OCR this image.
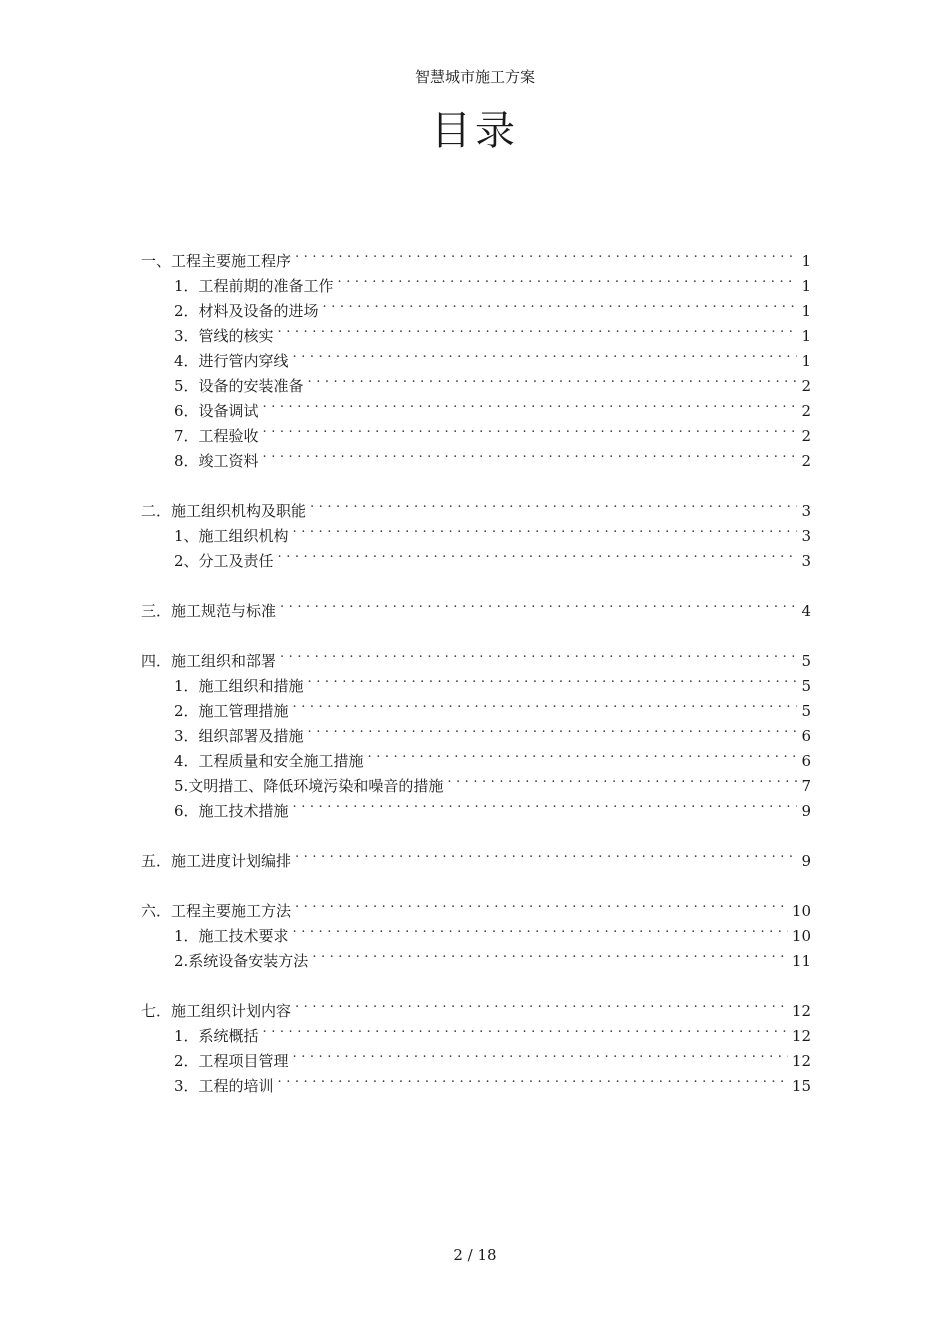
智慧城市施工方案
目录
一、工程主要施工程序 . . .	1
1．工程前期的准备工作 . . .	1
2．材料及设备的进场 . . .	1
3．管线的核实 . . .	1
4．进行管内穿线 . . .	1
5．设备的安装准备 . . .	2
6．设备调试 . . .	2
7．工程验收 . . .	2
8．竣工资料 . . .	2
二．施工组织机构及职能 . . .	3
1、施工组织机构 . . .	3
2、分工及责任 . . .	3
三．施工规范与标准 . . .	4
四．施工组织和部署 . . .	5
1．施工组织和措施 . . .	5
2．施工管理措施 . . .	5
3．组织部署及措施 . . .	6
4．工程质量和安全施工措施 . . .	6
5.文明措工、降低环境污染和噪音的措施 . . .	7
6．施工技术措施 . . .	9
五．施工进度计划编排 . . .	9
六．工程主要施工方法 . . .	10
1．施工技术要求 . . .	10
2.系统设备安装方法 . . .	11
七．施工组织计划内容 . . .	12
1．系统概括 . . .	12
2．工程项目管理 . . .	12
3．工程的培训 . . .	15
2 / 18
